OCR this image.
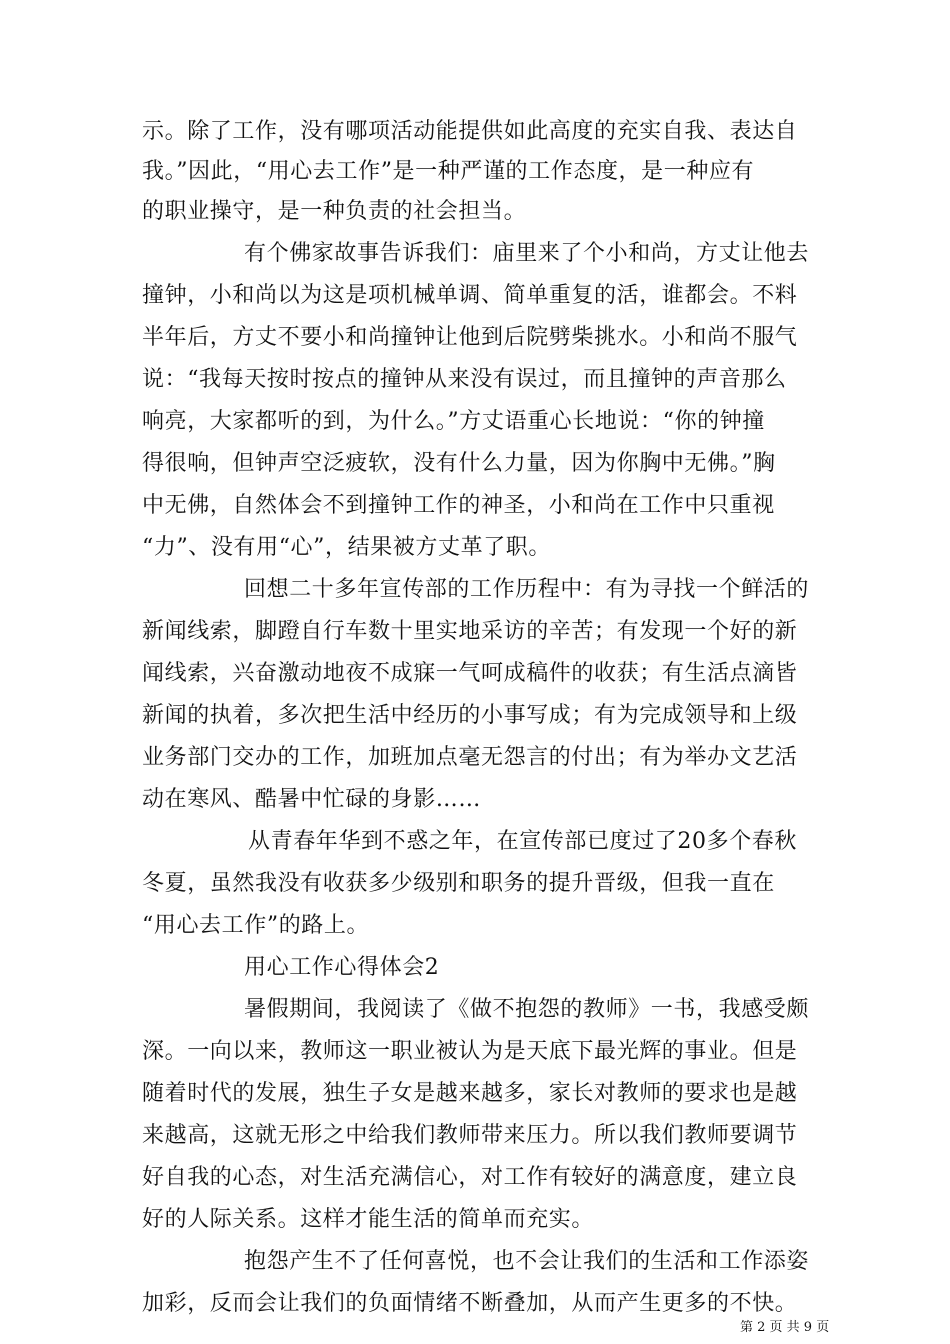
示。除了工作，没有哪项活动能提供如此高度的充实自我、表达自
我。”因此，“用心去工作”是一种严谨的工作态度，是一种应有
的职业操守，是一种负责的社会担当。
有个佛家故事告诉我们：庙里来了个小和尚，方丈让他去
撞钟，小和尚以为这是项机械单调、简单重复的活，谁都会。不料
半年后，方丈不要小和尚撞钟让他到后院劈柴挑水。小和尚不服气
说：“我每天按时按点的撞钟从来没有误过，而且撞钟的声音那么
响亮，大家都听的到，为什么。”方丈语重心长地说：“你的钟撞
得很响，但钟声空泛疲软，没有什么力量，因为你胸中无佛。”胸
中无佛，自然体会不到撞钟工作的神圣，小和尚在工作中只重视
“力”、没有用“心”，结果被方丈革了职。
回想二十多年宣传部的工作历程中：有为寻找一个鲜活的
新闻线索，脚蹬自行车数十里实地采访的辛苦；有发现一个好的新
闻线索，兴奋激动地夜不成寐一气呵成稿件的收获；有生活点滴皆
新闻的执着，多次把生活中经历的小事写成；有为完成领导和上级
业务部门交办的工作，加班加点毫无怨言的付出；有为举办文艺活
动在寒风、酷暑中忙碌的身影……
从青春年华到不惑之年，在宣传部已度过了20多个春秋
冬夏，虽然我没有收获多少级别和职务的提升晋级，但我一直在
“用心去工作”的路上。
用心工作心得体会2
暑假期间，我阅读了《做不抱怨的教师》一书，我感受颇
深。一向以来，教师这一职业被认为是天底下最光辉的事业。但是
随着时代的发展，独生子女是越来越多，家长对教师的要求也是越
来越高，这就无形之中给我们教师带来压力。所以我们教师要调节
好自我的心态，对生活充满信心，对工作有较好的满意度，建立良
好的人际关系。这样才能生活的简单而充实。
抱怨产生不了任何喜悦，也不会让我们的生活和工作添姿
加彩，反而会让我们的负面情绪不断叠加，从而产生更多的不快。
第 2 页 共 9 页
